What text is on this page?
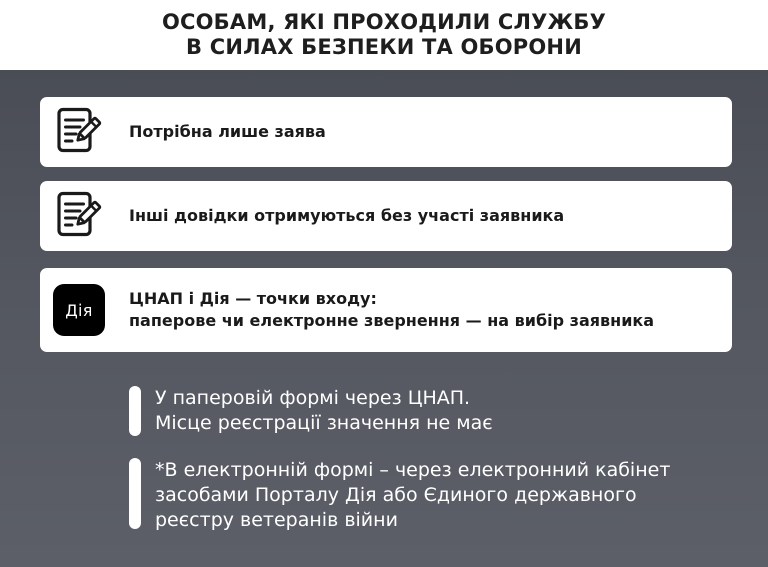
ОСОБАМ, ЯКІ ПРОХОДИЛИ СЛУЖБУ
В СИЛАХ БЕЗПЕКИ ТА ОБОРОНИ
Потрібна лише заява
Інші довідки отримуються без участі заявника
Дія
ЦНАП і Дія — точки входу:
паперове чи електронне звернення — на вибір заявника
У паперовій формі через ЦНАП.
Місце реєстрації значення не має
*В електронній формі – через електронний кабінет
засобами Порталу Дія або Єдиного державного
реєстру ветеранів війни
